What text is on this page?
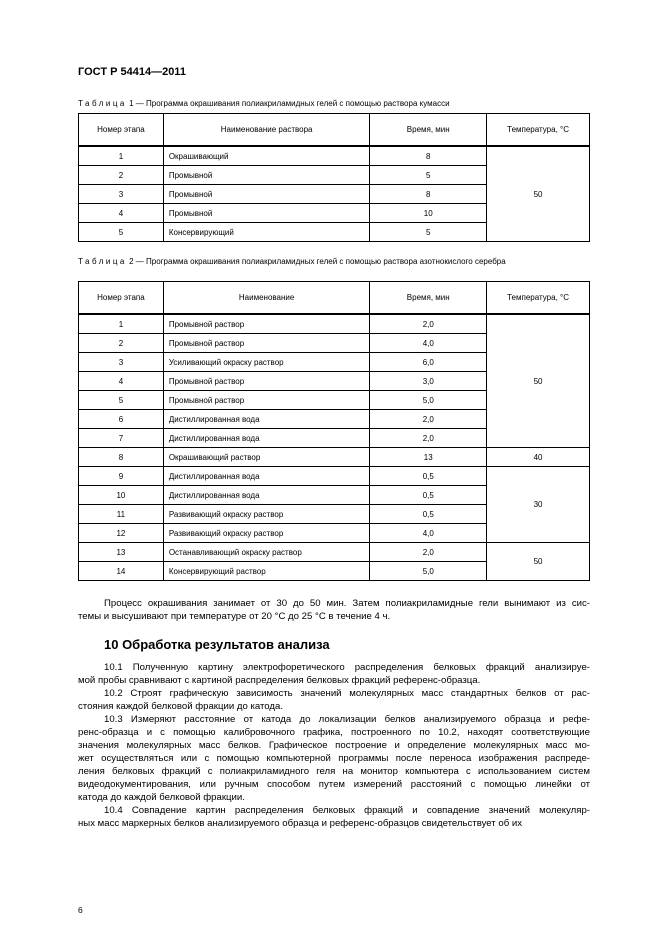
ГОСТ Р 54414—2011
Таблица 1 — Программа окрашивания полиакриламидных гелей с помощью раствора кумасси
Номер этапа	Наименование раствора	Время, мин	Температура, °С
1	Окрашивающий	8	50
2	Промывной	5	
3	Промывной	8	
4	Промывной	10	
5	Консервирующий	5	
Таблица 2 — Программа окрашивания полиакриламидных гелей с помощью раствора азотнокислого серебра
Номер этапа	Наименование	Время, мин	Температура, °С
1	Промывной раствор	2,0	50
2	Промывной раствор	4,0	
3	Усиливающий окраску раствор	6,0	
4	Промывной раствор	3,0	
5	Промывной раствор	5,0	
6	Дистиллированная вода	2,0	
7	Дистиллированная вода	2,0	
8	Окрашивающий раствор	13	40
9	Дистиллированная вода	0,5	30
10	Дистиллированная вода	0,5	
11	Развивающий окраску раствор	0,5	
12	Развивающий окраску раствор	4,0	
13	Останавливающий окраску раствор	2,0	50
14	Консервирующий раствор	5,0	
Процесс окрашивания занимает от 30 до 50 мин. Затем полиакриламидные гели вынимают из сис-
темы и высушивают при температуре от 20 °С до 25 °С в течение 4 ч.
10 Обработка результатов анализа
10.1 Полученную картину электрофоретического распределения белковых фракций анализируе-
мой пробы сравнивают с картиной распределения белковых фракций референс-образца.
10.2 Строят графическую зависимость значений молекулярных масс стандартных белков от рас-
стояния каждой белковой фракции до катода.
10.3 Измеряют расстояние от катода до локализации белков анализируемого образца и рефе-
ренс-образца и с помощью калибровочного графика, построенного по 10.2, находят соответствующие
значения молекулярных масс белков. Графическое построение и определение молекулярных масс мо-
жет осуществляться или с помощью компьютерной программы после переноса изображения распреде-
ления белковых фракций с полиакриламидного геля на монитор компьютера с использованием систем
видеодокументирования, или ручным способом путем измерений расстояний с помощью линейки от
катода до каждой белковой фракции.
10.4 Совпадение картин распределения белковых фракций и совпадение значений молекуляр-
ных масс маркерных белков анализируемого образца и референс-образцов свидетельствует об их
6
